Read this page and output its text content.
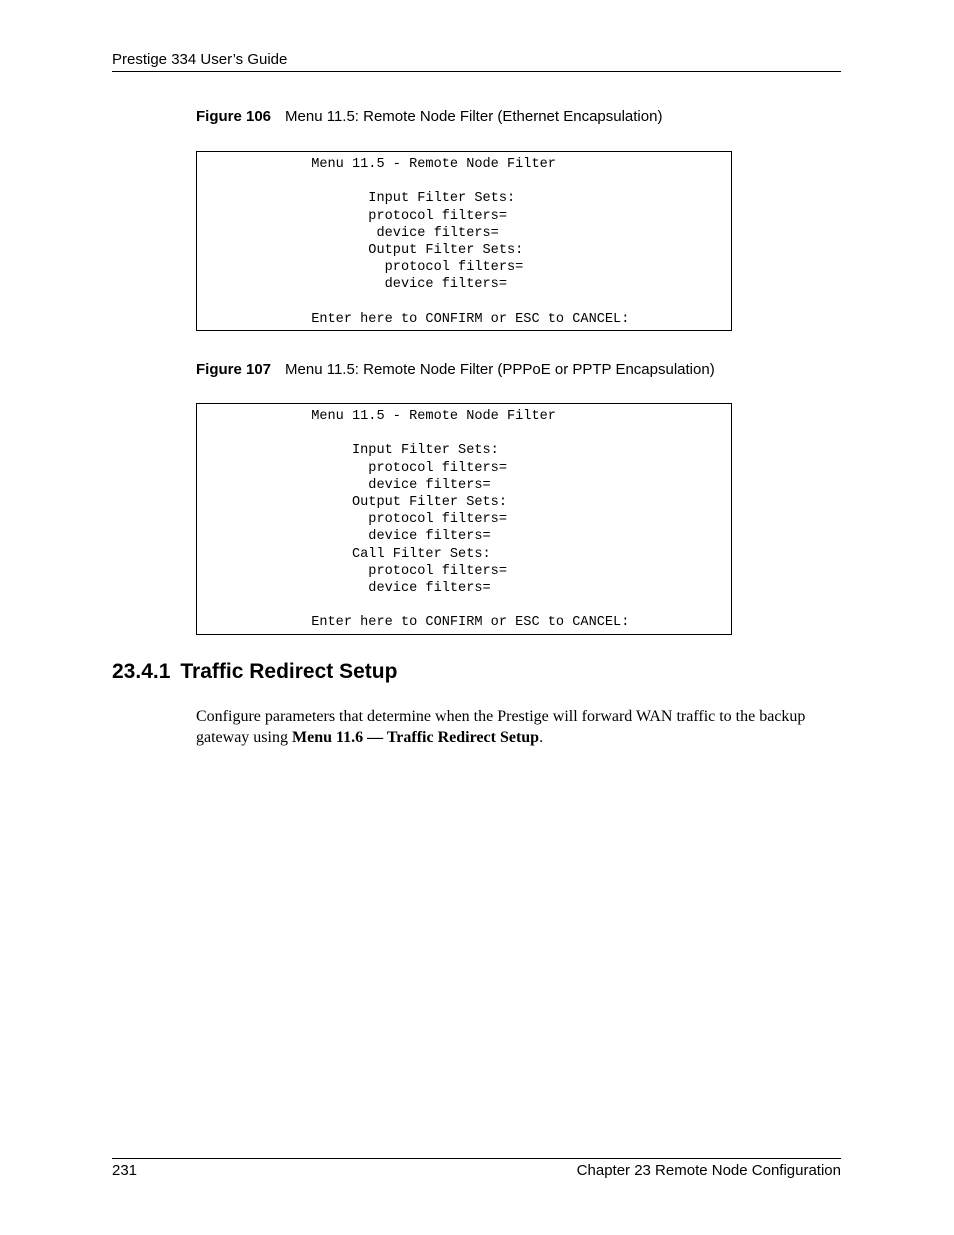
Prestige 334 User’s Guide
Figure 106 Menu 11.5: Remote Node Filter (Ethernet Encapsulation)
Menu 11.5 - Remote Node Filter

Input Filter Sets:
protocol filters=
device filters=
Output Filter Sets:
protocol filters=
device filters=

Enter here to CONFIRM or ESC to CANCEL:
Figure 107 Menu 11.5: Remote Node Filter (PPPoE or PPTP Encapsulation)
Menu 11.5 - Remote Node Filter

Input Filter Sets:
protocol filters=
device filters=
Output Filter Sets:
protocol filters=
device filters=
Call Filter Sets:
protocol filters=
device filters=

Enter here to CONFIRM or ESC to CANCEL:
23.4.1 Traffic Redirect Setup
Configure parameters that determine when the Prestige will forward WAN traffic to the backup gateway using Menu 11.6 — Traffic Redirect Setup.
231	Chapter 23 Remote Node Configuration
